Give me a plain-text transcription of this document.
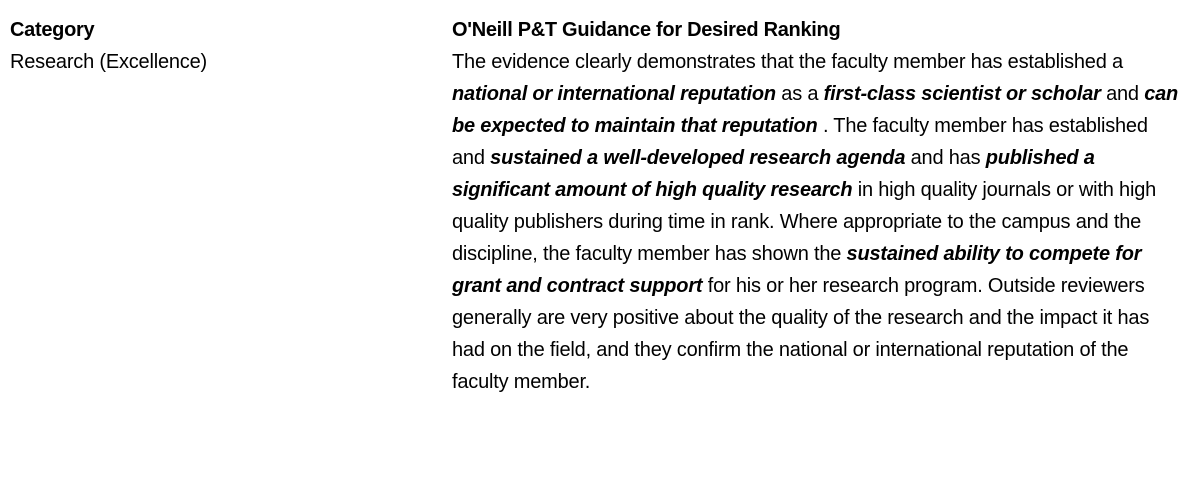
Category

Research (Excellence)

O'Neill P&T Guidance for Desired Ranking

The evidence clearly demonstrates that the faculty member has established a national or international reputation as a first-class scientist or scholar and can be expected to maintain that reputation . The faculty member has established and sustained a well-developed research agenda and has published a significant amount of high quality research in high quality journals or with high quality publishers during time in rank. Where appropriate to the campus and the discipline, the faculty member has shown the sustained ability to compete for grant and contract support for his or her research program. Outside reviewers generally are very positive about the quality of the research and the impact it has had on the field, and they confirm the national or international reputation of the faculty member.
